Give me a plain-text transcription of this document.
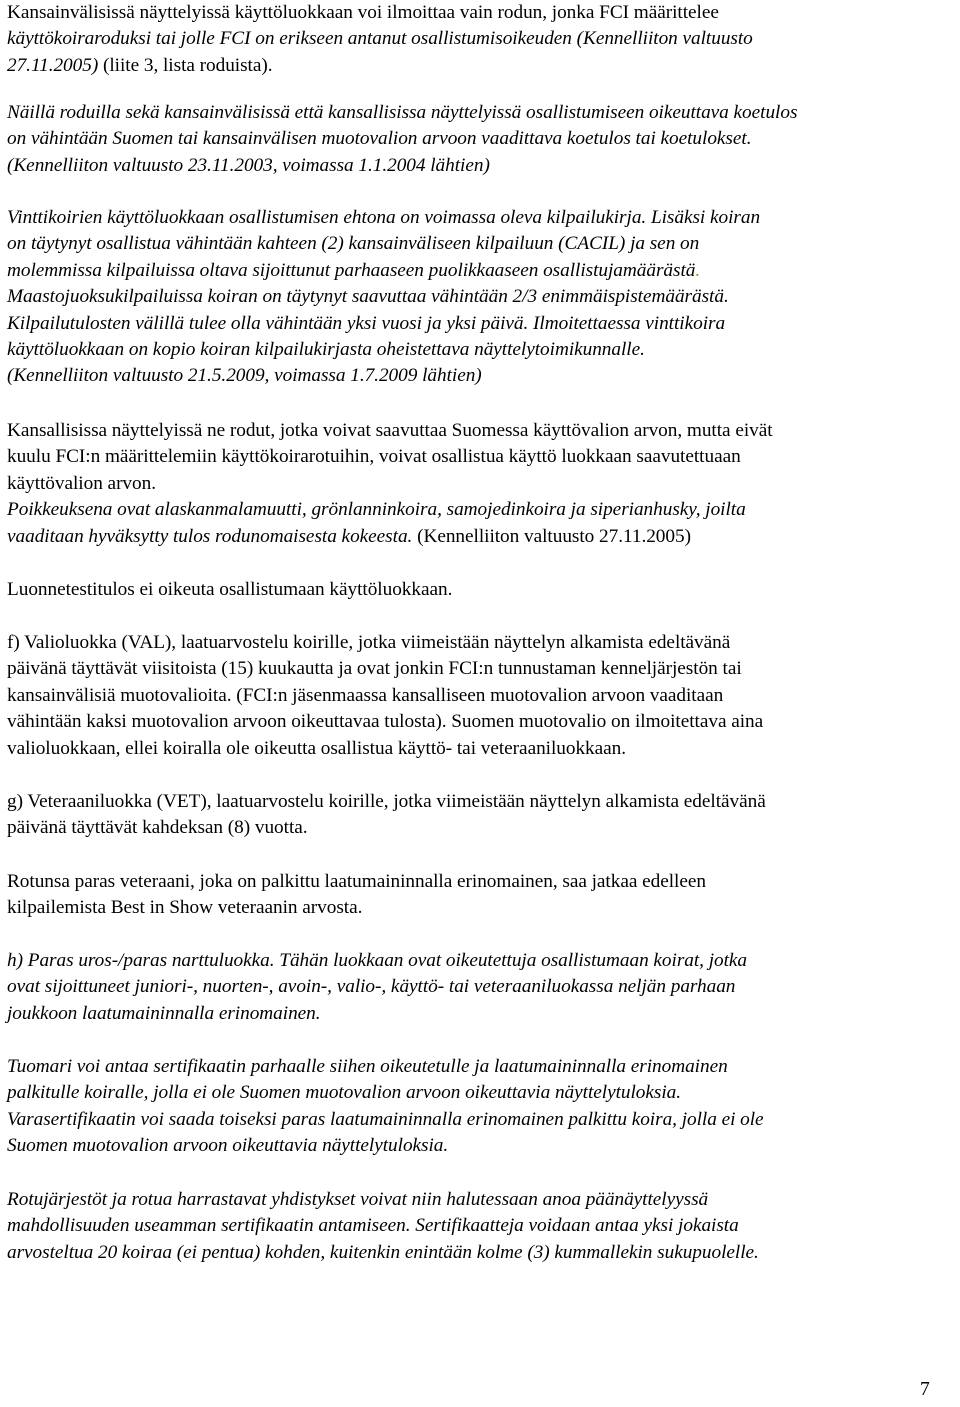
Kansainvälisissä näyttelyissä käyttöluokkaan voi ilmoittaa vain rodun, jonka FCI määrittelee
käyttökoiraroduksi tai jolle FCI on erikseen antanut osallistumisoikeuden (Kennelliiton valtuusto
27.11.2005) (liite 3, lista roduista).

Näillä roduilla sekä kansainvälisissä että kansallisissa näyttelyissä osallistumiseen oikeuttava koetulos
on vähintään Suomen tai kansainvälisen muotovalion arvoon vaadittava koetulos tai koetulokset.
(Kennelliiton valtuusto 23.11.2003, voimassa 1.1.2004 lähtien)

Vinttikoirien käyttöluokkaan osallistumisen ehtona on voimassa oleva kilpailukirja. Lisäksi koiran
on täytynyt osallistua vähintään kahteen (2) kansainväliseen kilpailuun (CACIL) ja sen on
molemmissa kilpailuissa oltava sijoittunut parhaaseen puolikkaaseen osallistujamäärästä.
Maastojuoksukilpailuissa koiran on täytynyt saavuttaa vähintään 2/3 enimmäispistemäärästä.
Kilpailutulosten välillä tulee olla vähintään yksi vuosi ja yksi päivä. Ilmoitettaessa vinttikoira
käyttöluokkaan on kopio koiran kilpailukirjasta oheistettava näyttelytoimikunnalle.
(Kennelliiton valtuusto 21.5.2009, voimassa 1.7.2009 lähtien)

Kansallisissa näyttelyissä ne rodut, jotka voivat saavuttaa Suomessa käyttövalion arvon, mutta eivät
kuulu FCI:n määrittelemiin käyttökoirarotuihin, voivat osallistua käyttö luokkaan saavutettuaan
käyttövalion arvon.
Poikkeuksena ovat alaskanmalamuutti, grönlanninkoira, samojedinkoira ja siperianhusky, joilta
vaaditaan hyväksytty tulos rodunomaisesta kokeesta. (Kennelliiton valtuusto 27.11.2005)

Luonnetestitulos ei oikeuta osallistumaan käyttöluokkaan.

f) Valioluokka (VAL), laatuarvostelu koirille, jotka viimeistään näyttelyn alkamista edeltävänä
päivänä täyttävät viisitoista (15) kuukautta ja ovat jonkin FCI:n tunnustaman kenneljärjestön tai
kansainvälisiä muotovalioita. (FCI:n jäsenmaassa kansalliseen muotovalion arvoon vaaditaan
vähintään kaksi muotovalion arvoon oikeuttavaa tulosta). Suomen muotovalio on ilmoitettava aina
valioluokkaan, ellei koiralla ole oikeutta osallistua käyttö- tai veteraaniluokkaan.

g) Veteraaniluokka (VET), laatuarvostelu koirille, jotka viimeistään näyttelyn alkamista edeltävänä
päivänä täyttävät kahdeksan (8) vuotta.

Rotunsa paras veteraani, joka on palkittu laatumaininnalla erinomainen, saa jatkaa edelleen
kilpailemista Best in Show veteraanin arvosta.

h) Paras uros-/paras narttuluokka. Tähän luokkaan ovat oikeutettuja osallistumaan koirat, jotka
ovat sijoittuneet juniori-, nuorten-, avoin-, valio-, käyttö- tai veteraaniluokassa neljän parhaan
joukkoon laatumaininnalla erinomainen.

Tuomari voi antaa sertifikaatin parhaalle siihen oikeutetulle ja laatumaininnalla erinomainen
palkitulle koiralle, jolla ei ole Suomen muotovalion arvoon oikeuttavia näyttelytuloksia.
Varasertifikaatin voi saada toiseksi paras laatumaininnalla erinomainen palkittu koira, jolla ei ole
Suomen muotovalion arvoon oikeuttavia näyttelytuloksia.

Rotujärjestöt ja rotua harrastavat yhdistykset voivat niin halutessaan anoa päänäyttelyyssä
mahdollisuuden useamman sertifikaatin antamiseen. Sertifikaatteja voidaan antaa yksi jokaista
arvosteltua 20 koiraa (ei pentua) kohden, kuitenkin enintään kolme (3) kummallekin sukupuolelle.

7
